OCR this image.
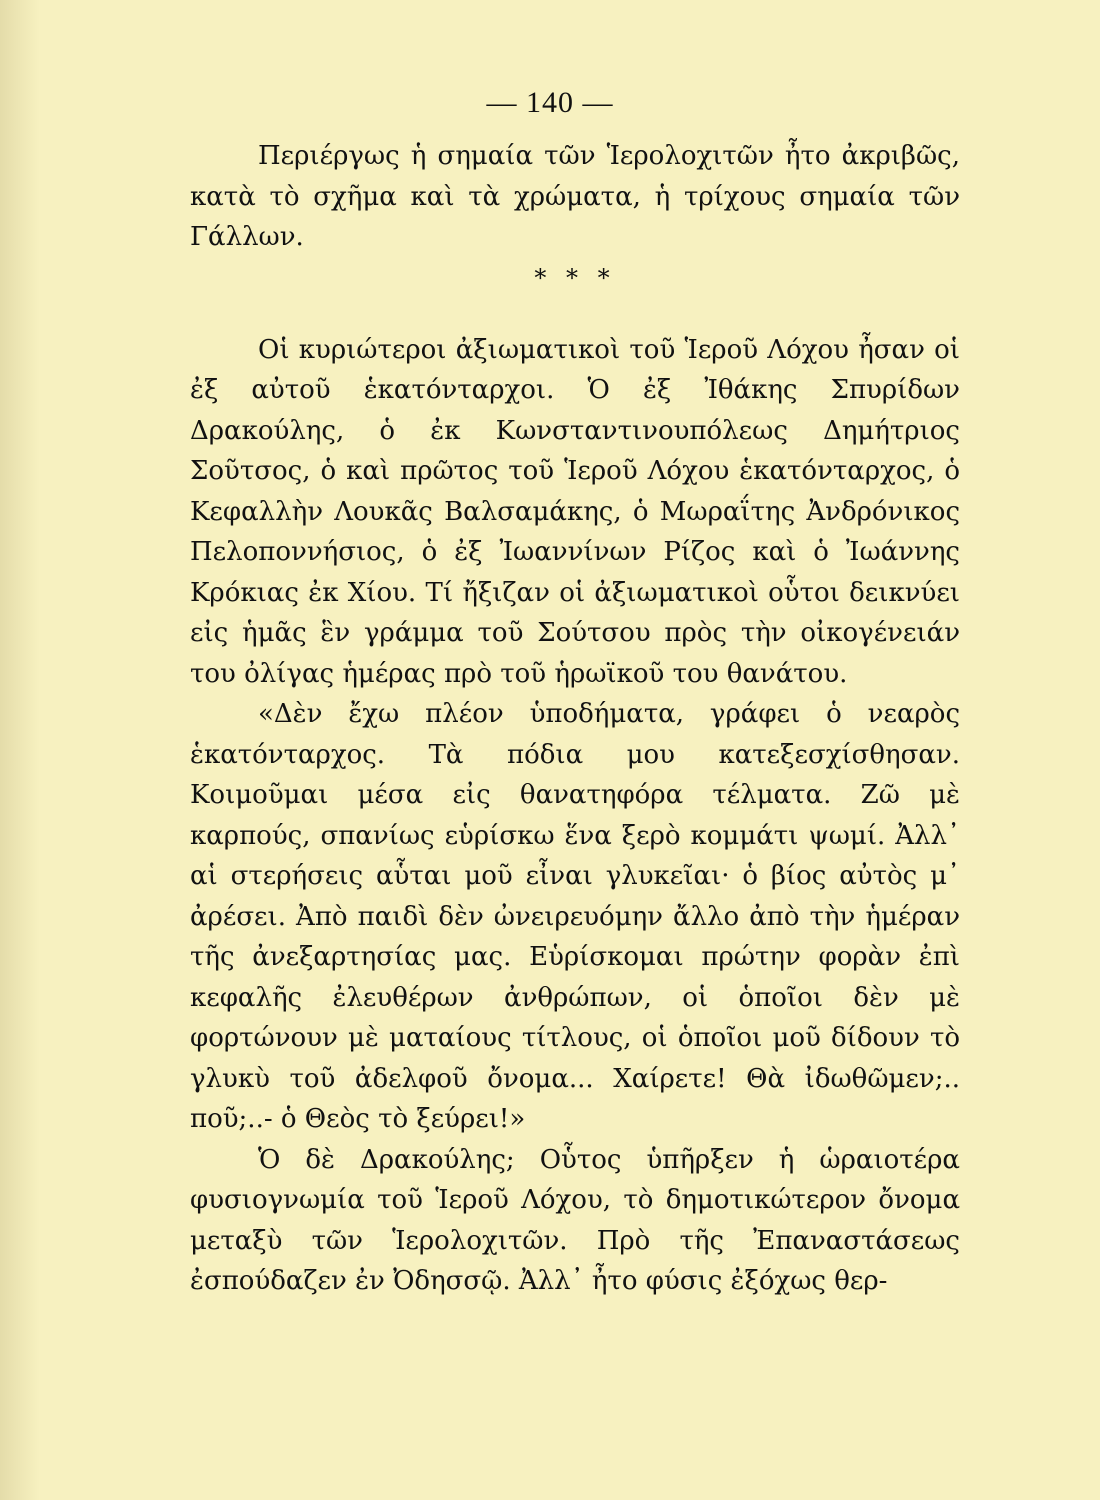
— 140 —

Περιέργως ἡ σημαία τῶν Ἱερολοχιτῶν ἦτο ἀκριβῶς, κατὰ τὸ σχῆμα καὶ τὰ χρώματα, ἡ τρίχους σημαία τῶν Γάλλων.

* * *

Οἱ κυριώτεροι ἀξιωματικοὶ τοῦ Ἱεροῦ Λόχου ἦσαν οἱ ἐξ αὐτοῦ ἑκατόνταρχοι. Ὁ ἐξ Ἰθάκης Σπυρίδων Δρακούλης, ὁ ἐκ Κωνσταντινουπόλεως Δημήτριος Σοῦτσος, ὁ καὶ πρῶτος τοῦ Ἱεροῦ Λόχου ἑκατόνταρχος, ὁ Κεφαλλὴν Λουκᾶς Βαλσαμάκης, ὁ Μωραΐτης Ἀνδρόνικος Πελοποννήσιος, ὁ ἐξ Ἰωαννίνων Ρίζος καὶ ὁ Ἰωάννης Κρόκιας ἐκ Χίου. Τί ἤξιζαν οἱ ἀξιωματικοὶ οὗτοι δεικνύει εἰς ἡμᾶς ἓν γράμμα τοῦ Σούτσου πρὸς τὴν οἰκογένειάν του ὀλίγας ἡμέρας πρὸ τοῦ ἡρωϊκοῦ του θανάτου.

«Δὲν ἔχω πλέον ὑποδήματα, γράφει ὁ νεαρὸς ἑκατόνταρχος. Τὰ πόδια μου κατεξεσχίσθησαν. Κοιμοῦμαι μέσα εἰς θανατηφόρα τέλματα. Ζῶ μὲ καρπούς, σπανίως εὑρίσκω ἕνα ξερὸ κομμάτι ψωμί. Ἀλλ᾽ αἱ στερήσεις αὗται μοῦ εἶναι γλυκεῖαι· ὁ βίος αὐτὸς μ᾽ ἀρέσει. Ἀπὸ παιδὶ δὲν ὠνειρευόμην ἄλλο ἀπὸ τὴν ἡμέραν τῆς ἀνεξαρτησίας μας. Εὑρίσκομαι πρώτην φορὰν ἐπὶ κεφαλῆς ἐλευθέρων ἀνθρώπων, οἱ ὁποῖοι δὲν μὲ φορτώνουν μὲ ματαίους τίτλους, οἱ ὁποῖοι μοῦ δίδουν τὸ γλυκὺ τοῦ ἀδελφοῦ ὄνομα... Χαίρετε! Θὰ ἰδωθῶμεν;.. ποῦ;..- ὁ Θεὸς τὸ ξεύρει!»

Ὁ δὲ Δρακούλης; Οὗτος ὑπῆρξεν ἡ ὡραιοτέρα φυσιογνωμία τοῦ Ἱεροῦ Λόχου, τὸ δημοτικώτερον ὄνομα μεταξὺ τῶν Ἱερολοχιτῶν. Πρὸ τῆς Ἐπαναστάσεως ἐσπούδαζεν ἐν Ὀδησσῷ. Ἀλλ᾽ ἦτο φύσις ἐξόχως θερ-
